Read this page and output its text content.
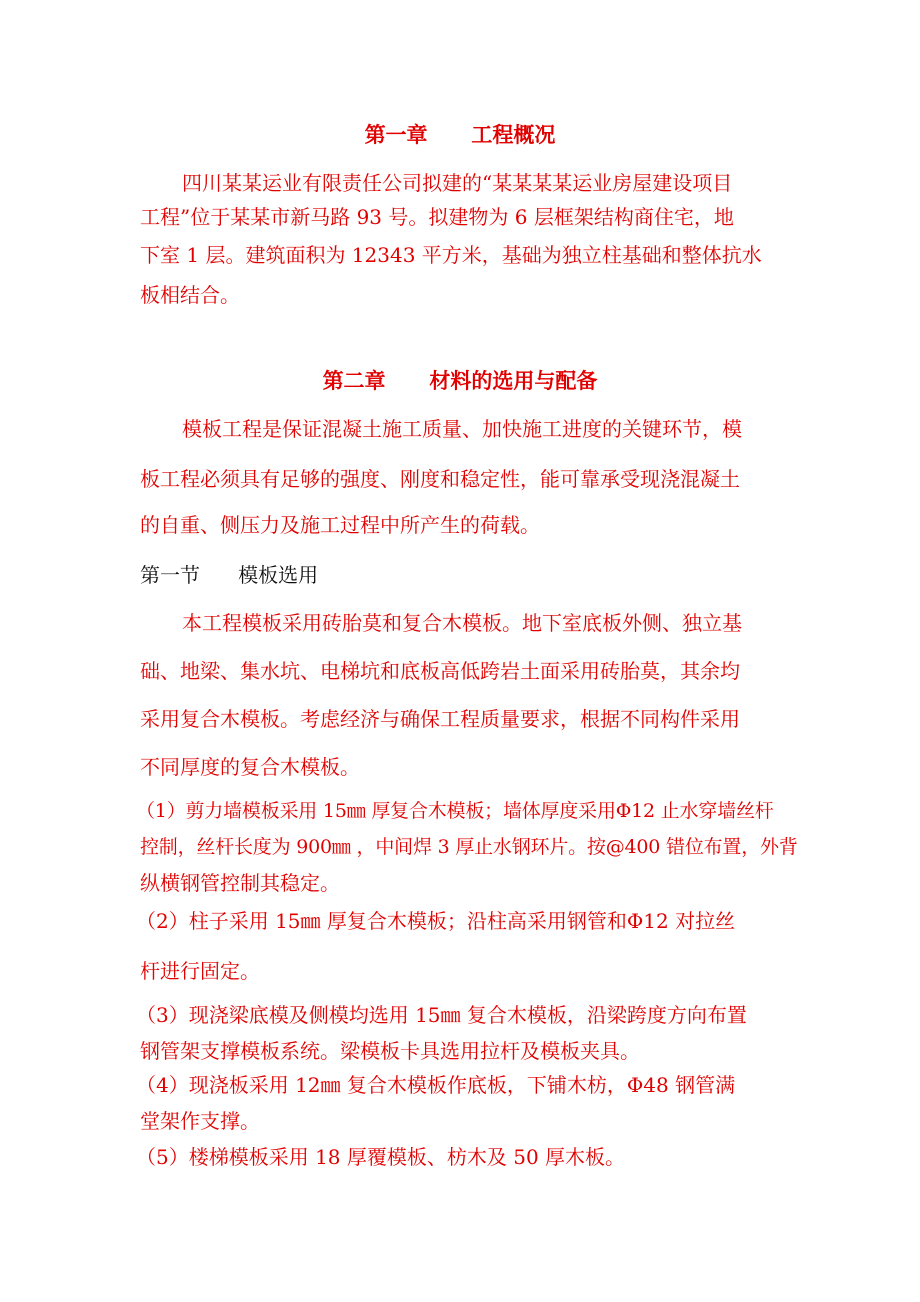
第一章      工程概况
四川某某运业有限责任公司拟建的“某某某某运业房屋建设项目
工程”位于某某市新马路 93 号。拟建物为 6 层框架结构商住宅，地
下室 1 层。建筑面积为 12343 平方米，基础为独立柱基础和整体抗水
板相结合。
第二章      材料的选用与配备
模板工程是保证混凝土施工质量、加快施工进度的关键环节，模
板工程必须具有足够的强度、刚度和稳定性，能可靠承受现浇混凝土
的自重、侧压力及施工过程中所产生的荷载。
第一节      模板选用
本工程模板采用砖胎莫和复合木模板。地下室底板外侧、独立基
础、地梁、集水坑、电梯坑和底板高低跨岩土面采用砖胎莫，其余均
采用复合木模板。考虑经济与确保工程质量要求，根据不同构件采用
不同厚度的复合木模板。
（1）剪力墙模板采用 15㎜ 厚复合木模板；墙体厚度采用Φ12 止水穿墙丝杆
控制，丝杆长度为 900㎜ ，中间焊 3 厚止水钢环片。按@400 错位布置，外背
纵横钢管控制其稳定。
（2）柱子采用 15㎜ 厚复合木模板；沿柱高采用钢管和Φ12 对拉丝
杆进行固定。
（3）现浇梁底模及侧模均选用 15㎜ 复合木模板，沿梁跨度方向布置
钢管架支撑模板系统。梁模板卡具选用拉杆及模板夹具。
（4）现浇板采用 12㎜ 复合木模板作底板，下铺木枋，Φ48 钢管满
堂架作支撑。
（5）楼梯模板采用 18 厚覆模板、枋木及 50 厚木板。
